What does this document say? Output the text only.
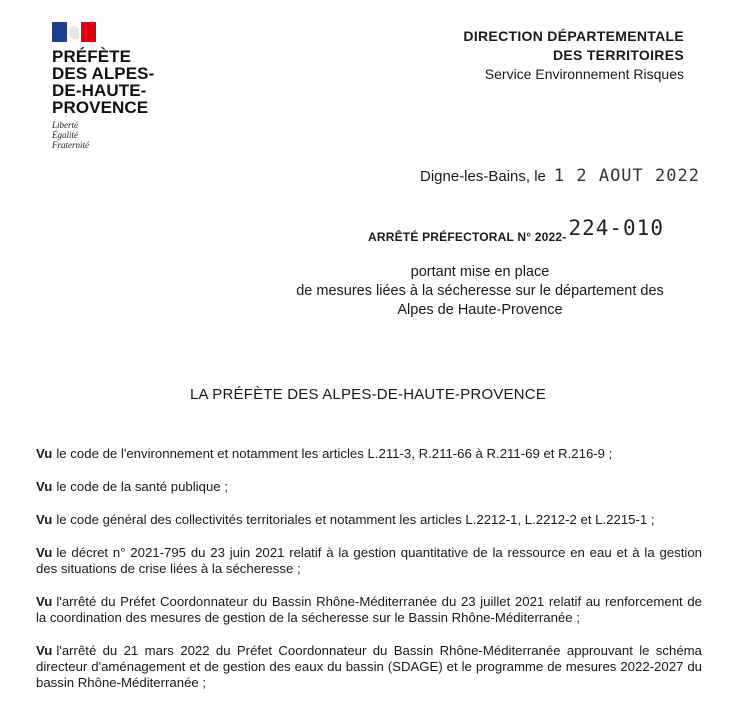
PRÉFÈTE
DES ALPES-
DE-HAUTE-
PROVENCE
Liberté
Égalité
Fraternité
DIRECTION DÉPARTEMENTALE
DES TERRITOIRES
Service Environnement Risques
Digne-les-Bains, le 1 2 AOUT 2022
ARRÊTÉ PRÉFECTORAL N° 2022- 224-010
portant mise en place
de mesures liées à la sécheresse sur le département des
Alpes de Haute-Provence
LA PRÉFÈTE DES ALPES-DE-HAUTE-PROVENCE

Vu le code de l'environnement et notamment les articles L.211-3, R.211-66 à R.211-69 et R.216-9 ;

Vu le code de la santé publique ;

Vu le code général des collectivités territoriales et notamment les articles L.2212-1, L.2212-2 et L.2215-1 ;

Vu le décret n° 2021-795 du 23 juin 2021 relatif à la gestion quantitative de la ressource en eau et à la gestion des situations de crise liées à la sécheresse ;

Vu l'arrêté du Préfet Coordonnateur du Bassin Rhône-Méditerranée du 23 juillet 2021 relatif au renforcement de la coordination des mesures de gestion de la sécheresse sur le Bassin Rhône-Méditerranée ;

Vu l'arrêté du 21 mars 2022 du Préfet Coordonnateur du Bassin Rhône-Méditerranée approuvant le schéma directeur d'aménagement et de gestion des eaux du bassin (SDAGE) et le programme de mesures 2022-2027 du bassin Rhône-Méditerranée ;
